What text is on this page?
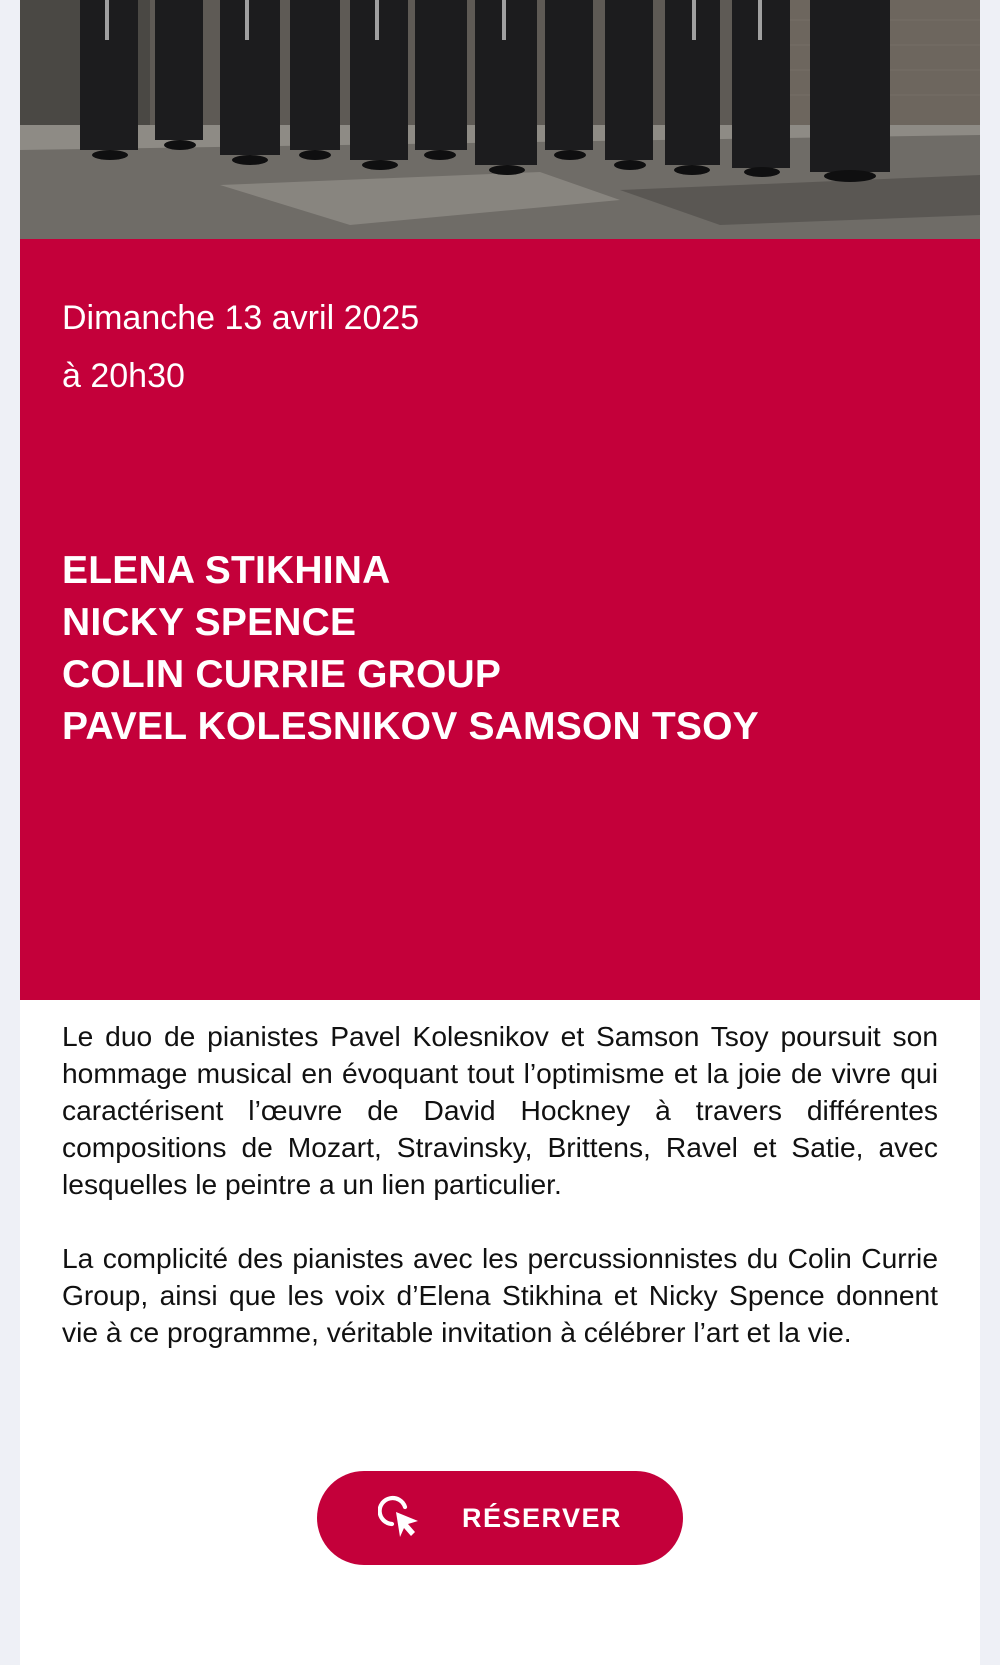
Dimanche 13 avril 2025
à 20h30
ELENA STIKHINA
NICKY SPENCE
COLIN CURRIE GROUP
PAVEL KOLESNIKOV SAMSON TSOY

Le duo de pianistes Pavel Kolesnikov et Samson Tsoy poursuit son hommage musical en évoquant tout l’optimisme et la joie de vivre qui caractérisent l’œuvre de David Hockney à travers différentes compositions de Mozart, Stravinsky, Brittens, Ravel et Satie, avec lesquelles le peintre a un lien particulier.

La complicité des pianistes avec les percussionnistes du Colin Currie Group, ainsi que les voix d’Elena Stikhina et Nicky Spence donnent vie à ce programme, véritable invitation à célébrer l’art et la vie.

RÉSERVER
